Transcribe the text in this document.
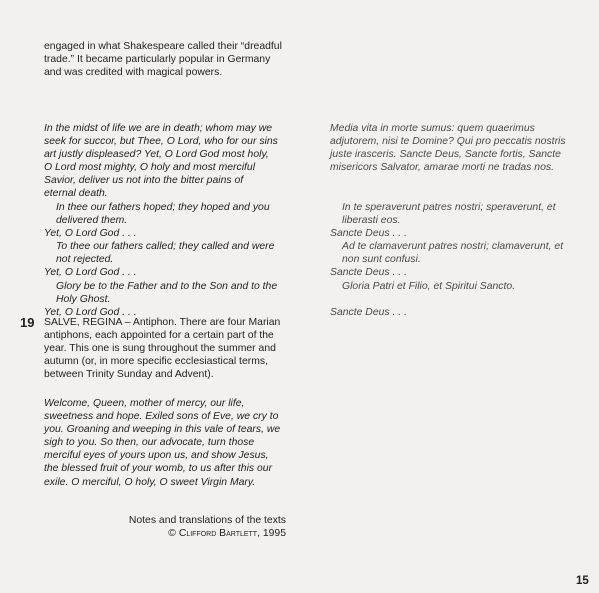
engaged in what Shakespeare called their “dreadful
trade.” It became particularly popular in Germany
and was credited with magical powers.
In the midst of life we are in death; whom may we
seek for succor, but Thee, O Lord, who for our sins
art justly displeased? Yet, O Lord God most holy,
O Lord most mighty, O holy and most merciful
Savior, deliver us not into the bitter pains of
eternal death.
In thee our fathers hoped; they hoped and you
delivered them.
Yet, O Lord God . . .
To thee our fathers called; they called and were
not rejected.
Yet, O Lord God . . .
Glory be to the Father and to the Son and to the
Holy Ghost.
Yet, O Lord God . . .
Media vita in morte sumus: quem quaerimus
adjutorem, nisi te Domine? Qui pro peccatis nostris
juste irasceris. Sancte Deus, Sancte fortis, Sancte
misericors Salvator, amarae morti ne tradas nos.
In te speraverunt patres nostri; speraverunt, et
liberasti eos.
Sancte Deus . . .
Ad te clamaverunt patres nostri; clamaverunt, et
non sunt confusi.
Sancte Deus . . .
Gloria Patri et Filio, et Spiritui Sancto.

Sancte Deus . . .
19 SALVE, REGINA – Antiphon. There are four Marian
antiphons, each appointed for a certain part of the
year. This one is sung throughout the summer and
autumn (or, in more specific ecclesiastical terms,
between Trinity Sunday and Advent).
Welcome, Queen, mother of mercy, our life,
sweetness and hope. Exiled sons of Eve, we cry to
you. Groaning and weeping in this vale of tears, we
sigh to you. So then, our advocate, turn those
merciful eyes of yours upon us, and show Jesus,
the blessed fruit of your womb, to us after this our
exile. O merciful, O holy, O sweet Virgin Mary.
Notes and translations of the texts
© Clifford Bartlett, 1995
15
